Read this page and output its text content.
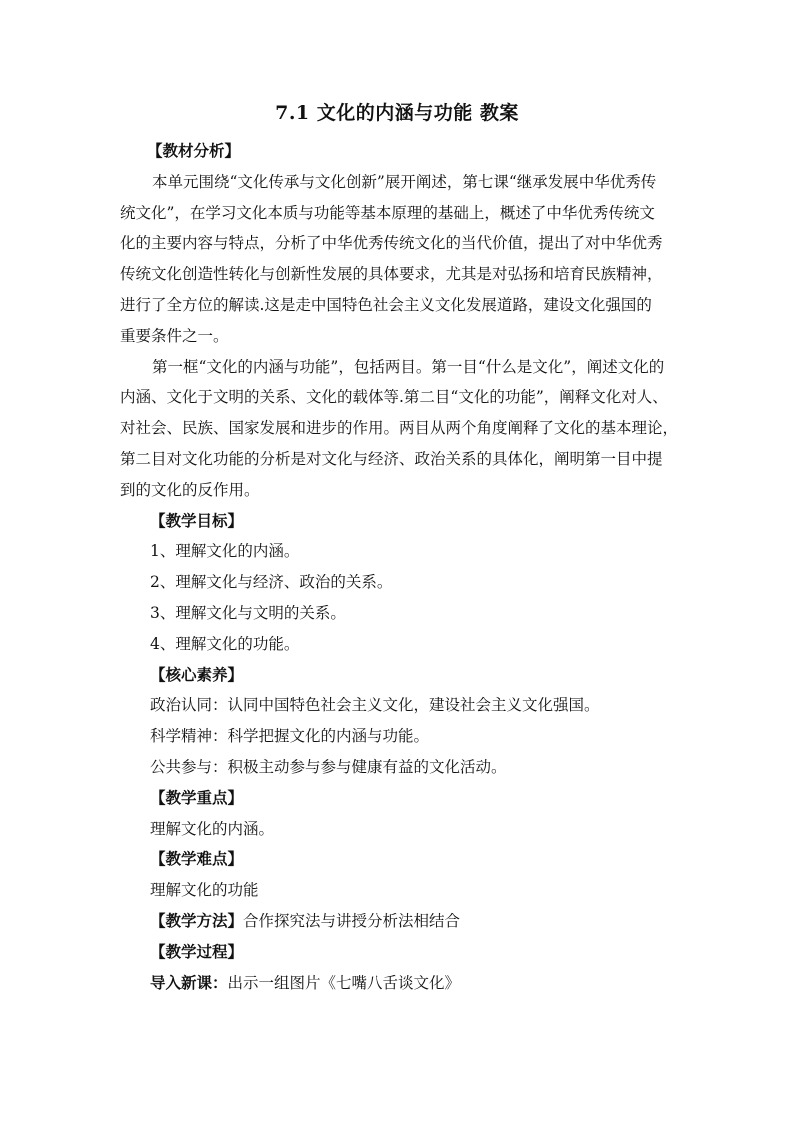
7.1 文化的内涵与功能 教案
【教材分析】
本单元围绕“文化传承与文化创新”展开阐述，第七课“继承发展中华优秀传
统文化”，在学习文化本质与功能等基本原理的基础上，概述了中华优秀传统文
化的主要内容与特点，分析了中华优秀传统文化的当代价值，提出了对中华优秀
传统文化创造性转化与创新性发展的具体要求，尤其是对弘扬和培育民族精神，
进行了全方位的解读.这是走中国特色社会主义文化发展道路，建设文化强国的
重要条件之一。
第一框“文化的内涵与功能”，包括两目。第一目“什么是文化”，阐述文化的
内涵、文化于文明的关系、文化的载体等.第二目“文化的功能”，阐释文化对人、
对社会、民族、国家发展和进步的作用。两目从两个角度阐释了文化的基本理论，
第二目对文化功能的分析是对文化与经济、政治关系的具体化，阐明第一目中提
到的文化的反作用。
【教学目标】
1、理解文化的内涵。
2、理解文化与经济、政治的关系。
3、理解文化与文明的关系。
4、理解文化的功能。
【核心素养】
政治认同：认同中国特色社会主义文化，建设社会主义文化强国。
科学精神：科学把握文化的内涵与功能。
公共参与：积极主动参与参与健康有益的文化活动。
【教学重点】
理解文化的内涵。
【教学难点】
理解文化的功能
【教学方法】合作探究法与讲授分析法相结合
【教学过程】
导入新课：出示一组图片《七嘴八舌谈文化》
